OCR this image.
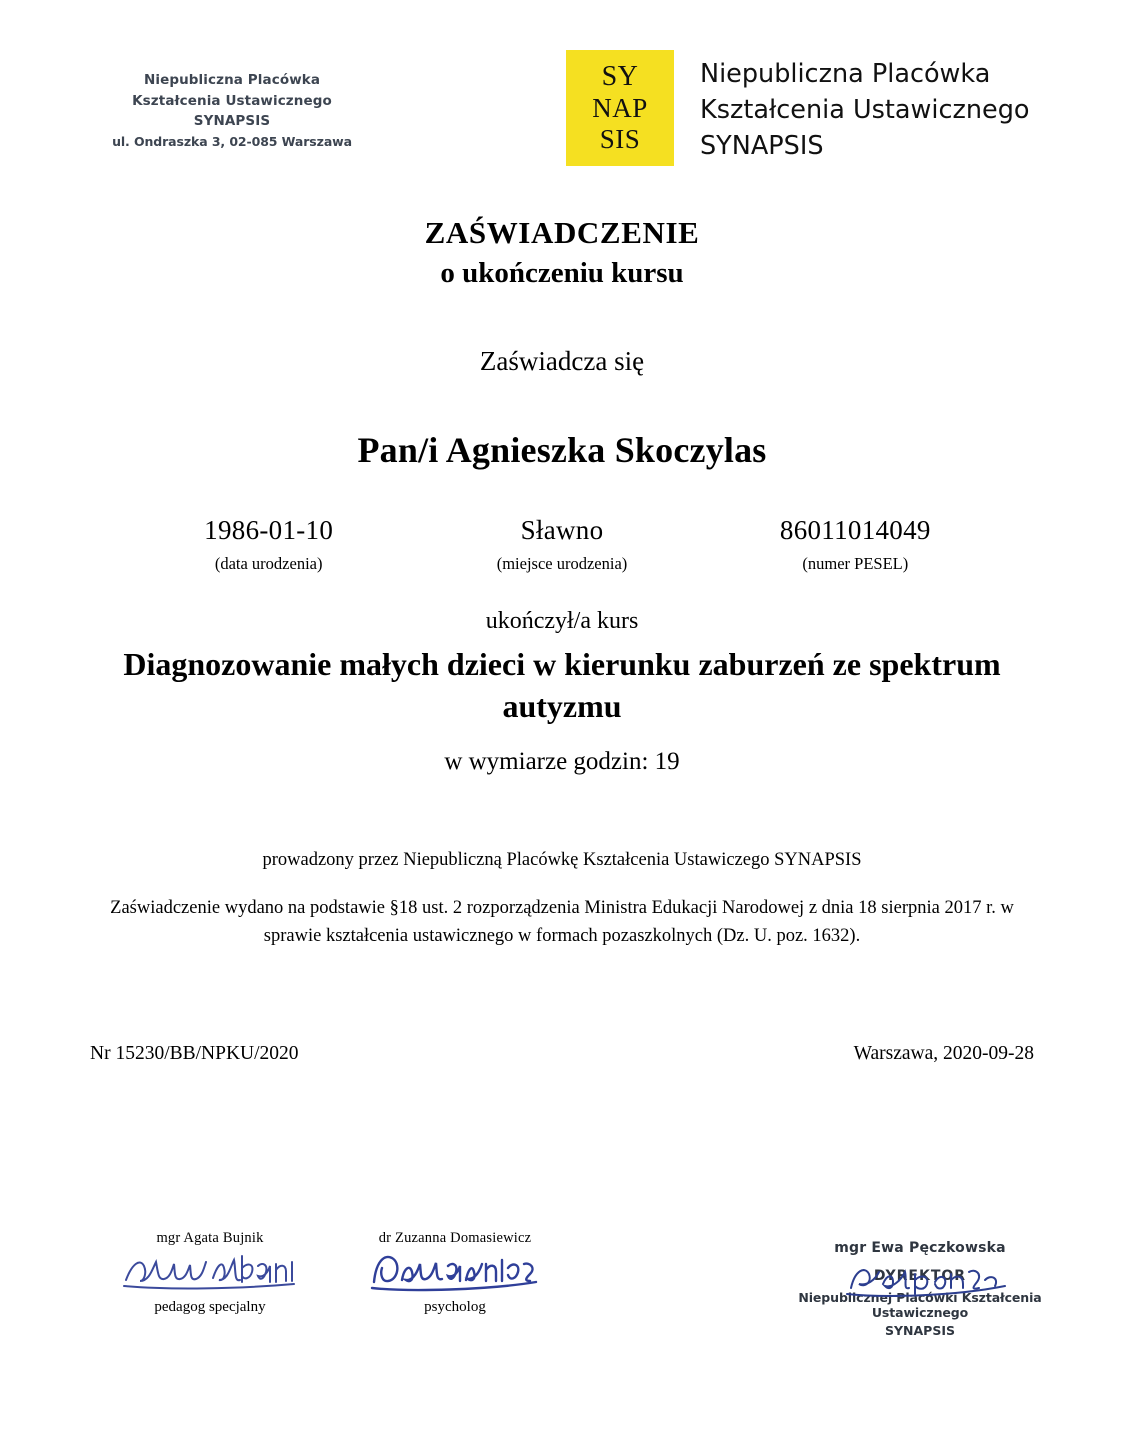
Niepubliczna Placówka
Kształcenia Ustawicznego
SYNAPSIS
ul. Ondraszka 3, 02-085 Warszawa
SY
NAP
SIS
Niepubliczna Placówka
Kształcenia Ustawicznego
SYNAPSIS
ZAŚWIADCZENIE
o ukończeniu kursu
Zaświadcza się
Pan/i Agnieszka Skoczylas
1986-01-10
(data urodzenia)
Sławno
(miejsce urodzenia)
86011014049
(numer PESEL)
ukończył/a kurs
Diagnozowanie małych dzieci w kierunku zaburzeń ze spektrum autyzmu
w wymiarze godzin: 19
prowadzony przez Niepubliczną Placówkę Kształcenia Ustawiczego SYNAPSIS
Zaświadczenie wydano na podstawie §18 ust. 2 rozporządzenia Ministra Edukacji Narodowej z dnia 18 sierpnia 2017 r. w sprawie kształcenia ustawicznego w formach pozaszkolnych (Dz. U. poz. 1632).
Nr 15230/BB/NPKU/2020	Warszawa, 2020-09-28
mgr Agata Bujnik
pedagog specjalny
dr Zuzanna Domasiewicz
psycholog
mgr Ewa Pęczkowska
DYREKTOR
Niepublicznej Placówki Kształcenia Ustawicznego
SYNAPSIS
